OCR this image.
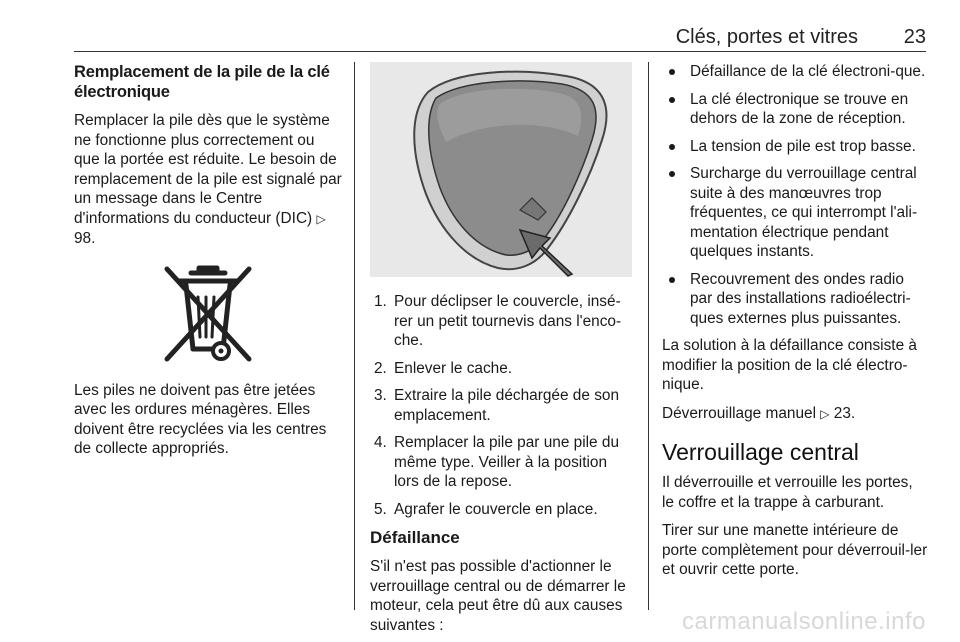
Clés, portes et vitres 23
Remplacement de la pile de la clé électronique

Remplacer la pile dès que le système ne fonctionne plus correctement ou que la portée est réduite. Le besoin de remplacement de la pile est signalé par un message dans le Centre d'informations du conducteur (DIC) ▷ 98.

Les piles ne doivent pas être jetées avec les ordures ménagères. Elles doivent être recyclées via les centres de collecte appropriés.

1. Pour déclipser le couvercle, insé‐rer un petit tournevis dans l'enco‐che.
2. Enlever le cache.
3. Extraire la pile déchargée de son emplacement.
4. Remplacer la pile par une pile du même type. Veiller à la position lors de la repose.
5. Agrafer le couvercle en place.
Défaillance

S'il n'est pas possible d'actionner le verrouillage central ou de démarrer le moteur, cela peut être dû aux causes suivantes :

Défaillance de la clé électroni‐que.
La clé électronique se trouve en dehors de la zone de réception.
La tension de pile est trop basse.
Surcharge du verrouillage central suite à des manœuvres trop fréquentes, ce qui interrompt l'ali‐mentation électrique pendant quelques instants.
Recouvrement des ondes radio par des installations radioélectri‐ques externes plus puissantes.

La solution à la défaillance consiste à modifier la position de la clé électro‐nique.

Déverrouillage manuel ▷ 23.

Verrouillage central

Il déverrouille et verrouille les portes, le coffre et la trappe à carburant.

Tirer sur une manette intérieure de porte complètement pour déverrouil‐ler et ouvrir cette porte.

carmanualsonline.info
